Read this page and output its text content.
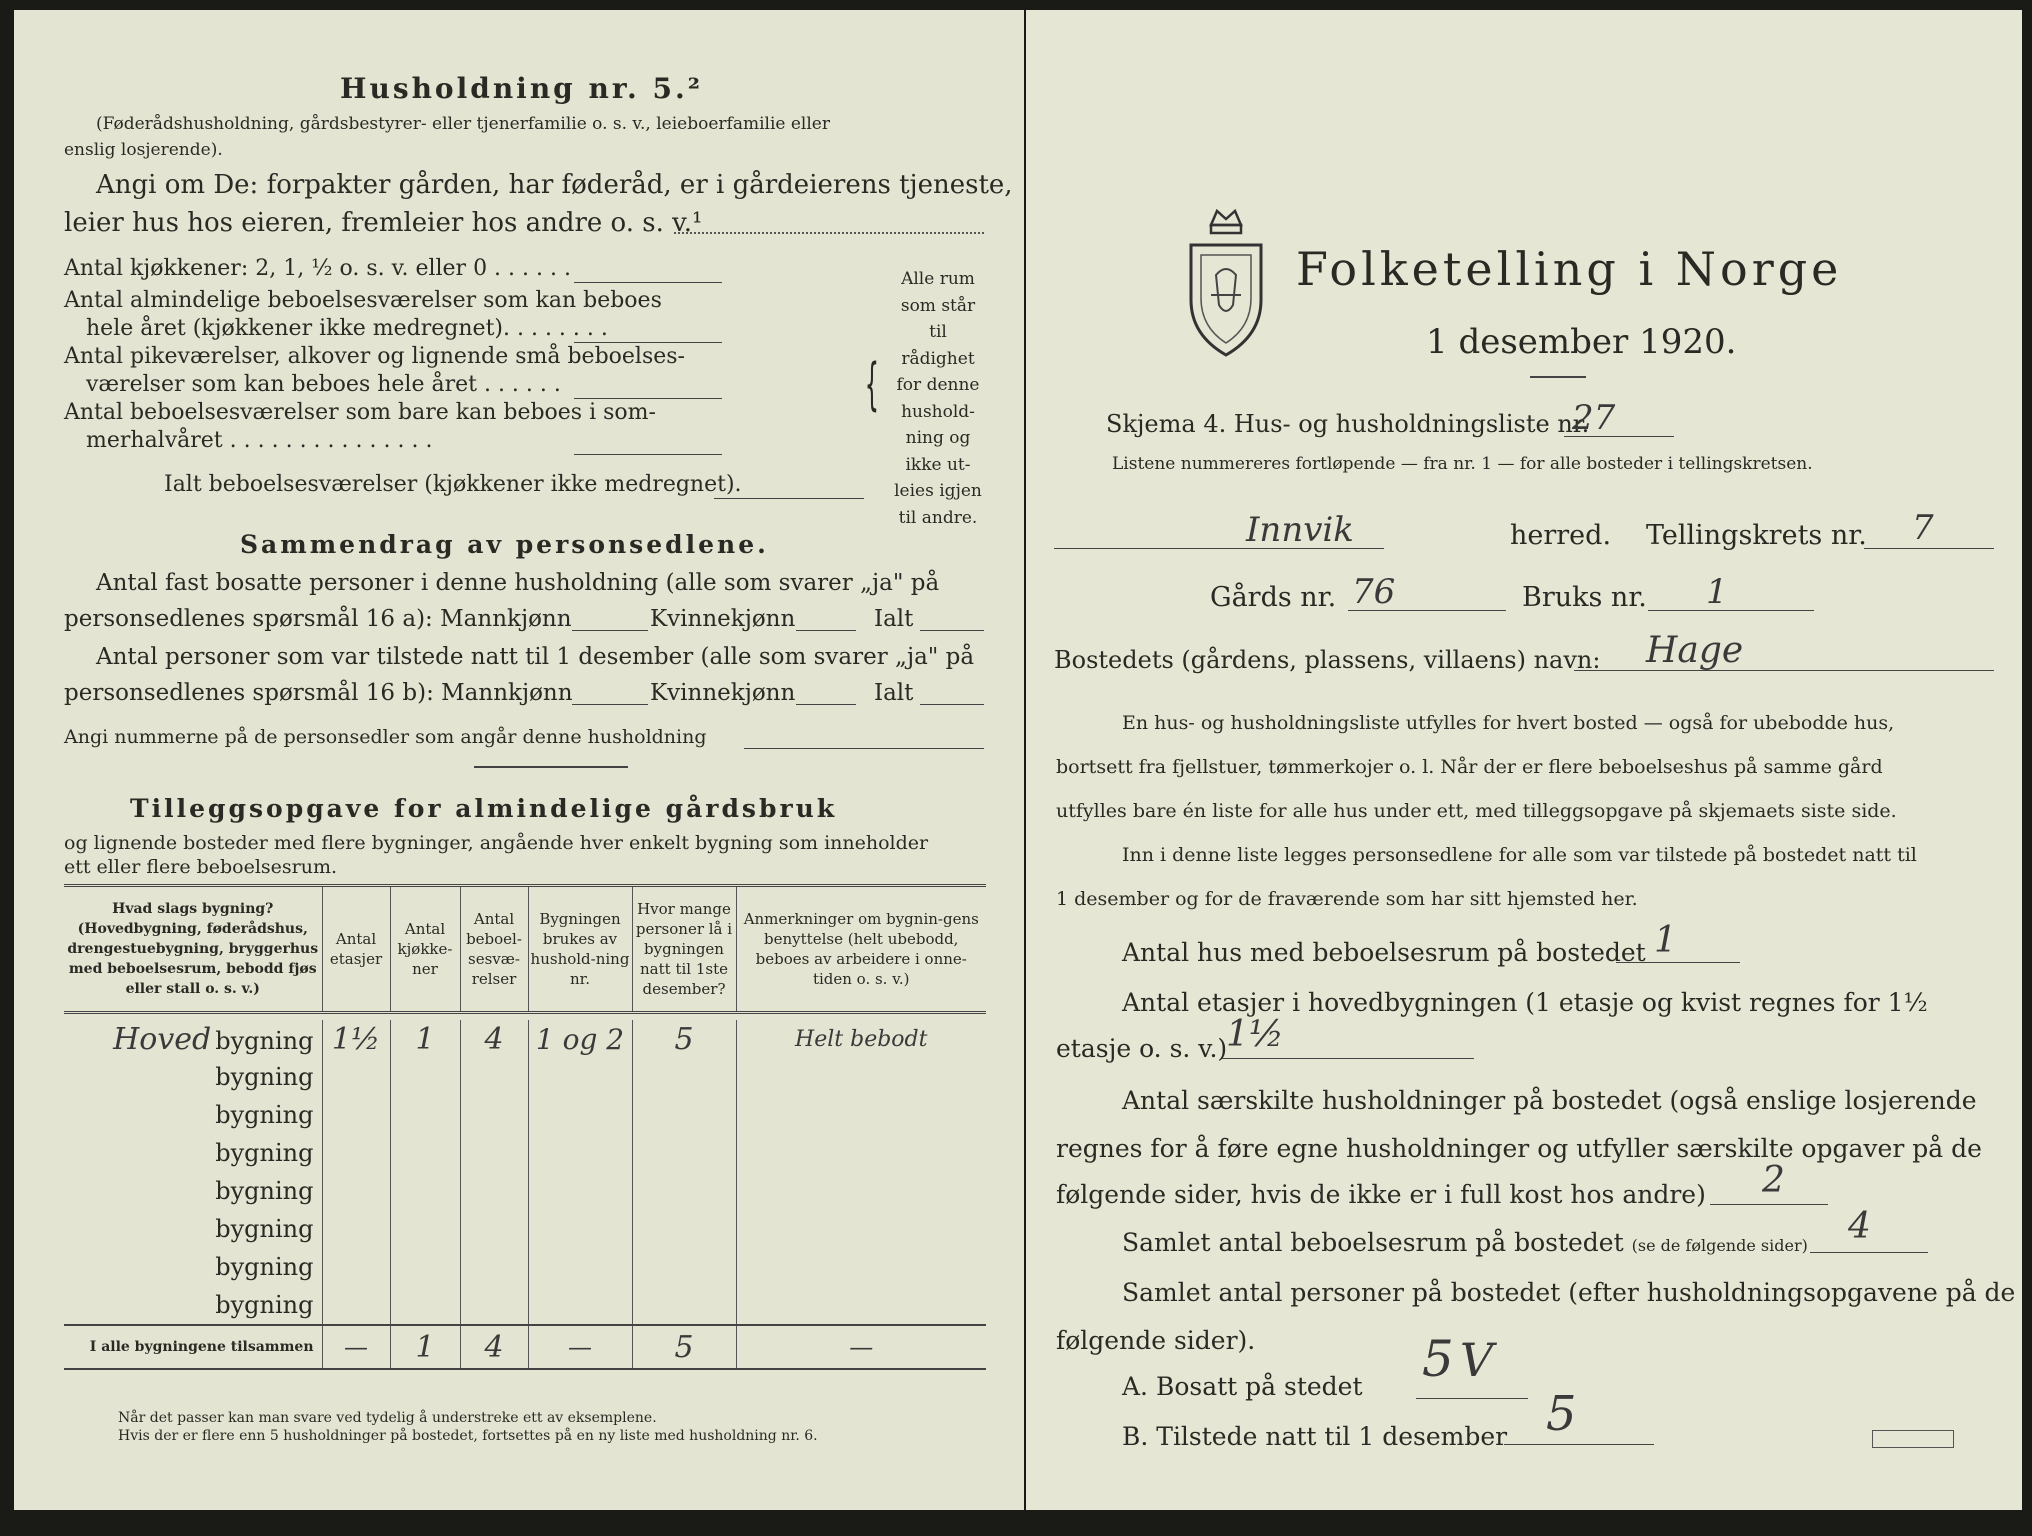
Husholdning nr. 5.²
(Føderådshusholdning, gårdsbestyrer- eller tjenerfamilie o. s. v., leieboerfamilie eller
enslig losjerende).
Angi om De: forpakter gården, har føderåd, er i gårdeierens tjeneste,
leier hus hos eieren, fremleier hos andre o. s. v.¹
Antal kjøkkener: 2, 1, ½ o. s. v. eller 0 . . . . . .
Antal almindelige beboelsesværelser som kan beboes
hele året (kjøkkener ikke medregnet). . . . . . . .
Antal pikeværelser, alkover og lignende små beboelses-
værelser som kan beboes hele året . . . . . .
Antal beboelsesværelser som bare kan beboes i som-
merhalvåret . . . . . . . . . . . . . . .
Ialt beboelsesværelser (kjøkkener ikke medregnet).
{
Alle rum
som står til
rådighet
for denne
hushold-
ning og
ikke ut-
leies igjen
til andre.
Sammendrag av personsedlene.
Antal fast bosatte personer i denne husholdning (alle som svarer „ja" på
personsedlenes spørsmål 16 a): Mannkjønn	Kvinnekjønn	Ialt
Antal personer som var tilstede natt til 1 desember (alle som svarer „ja" på
personsedlenes spørsmål 16 b): Mannkjønn	Kvinnekjønn	Ialt
Angi nummerne på de personsedler som angår denne husholdning
Tilleggsopgave for almindelige gårdsbruk
og lignende bosteder med flere bygninger, angående hver enkelt bygning som inneholder
ett eller flere beboelsesrum.
Hvad slags bygning? (Hovedbygning, føderådshus, drengestuebygning, bryggerhus med beboelsesrum, bebodd fjøs eller stall o. s. v.)	Antal etasjer	Antal kjøkke-ner	Antal beboel-sesvæ-relser	Bygningen brukes av hushold-ning nr.	Hvor mange personer lå i bygningen natt til 1ste desember?	Anmerkninger om bygnin-gens benyttelse (helt ubebodd, beboes av arbeidere i onne-tiden o. s. v.)
Hoved bygning	1½	1	4	1 og 2	5	Helt bebodt
bygning						
bygning						
bygning						
bygning						
bygning						
bygning						
bygning						
I alle bygningene tilsammen	—	1	4	—	5	—
Når det passer kan man svare ved tydelig å understreke ett av eksemplene.
Hvis der er flere enn 5 husholdninger på bostedet, fortsettes på en ny liste med husholdning nr. 6.
Folketelling i Norge
1 desember 1920.
Skjema 4. Hus- og husholdningsliste nr.
27
Listene nummereres fortløpende — fra nr. 1 — for alle bosteder i tellingskretsen.
Innvik	herred. Tellingskrets nr. 7
Gårds nr. 76	Bruks nr. 1
Bostedets (gårdens, plassens, villaens) navn: Hage
En hus- og husholdningsliste utfylles for hvert bosted — også for ubebodde hus,
bortsett fra fjellstuer, tømmerkojer o. l. Når der er flere beboelseshus på samme gård
utfylles bare én liste for alle hus under ett, med tilleggsopgave på skjemaets siste side.
Inn i denne liste legges personsedlene for alle som var tilstede på bostedet natt til
1 desember og for de fraværende som har sitt hjemsted her.
Antal hus med beboelsesrum på bostedet 1
Antal etasjer i hovedbygningen (1 etasje og kvist regnes for 1½
etasje o. s. v.)
1½
Antal særskilte husholdninger på bostedet (også enslige losjerende
regnes for å føre egne husholdninger og utfyller særskilte opgaver på de
følgende sider, hvis de ikke er i full kost hos andre) 2
Samlet antal beboelsesrum på bostedet (se de følgende sider) 4
Samlet antal personer på bostedet (efter husholdningsopgavene på de
følgende sider).
A. Bosatt på stedet 5 V
B. Tilstede natt til 1 desember 5
